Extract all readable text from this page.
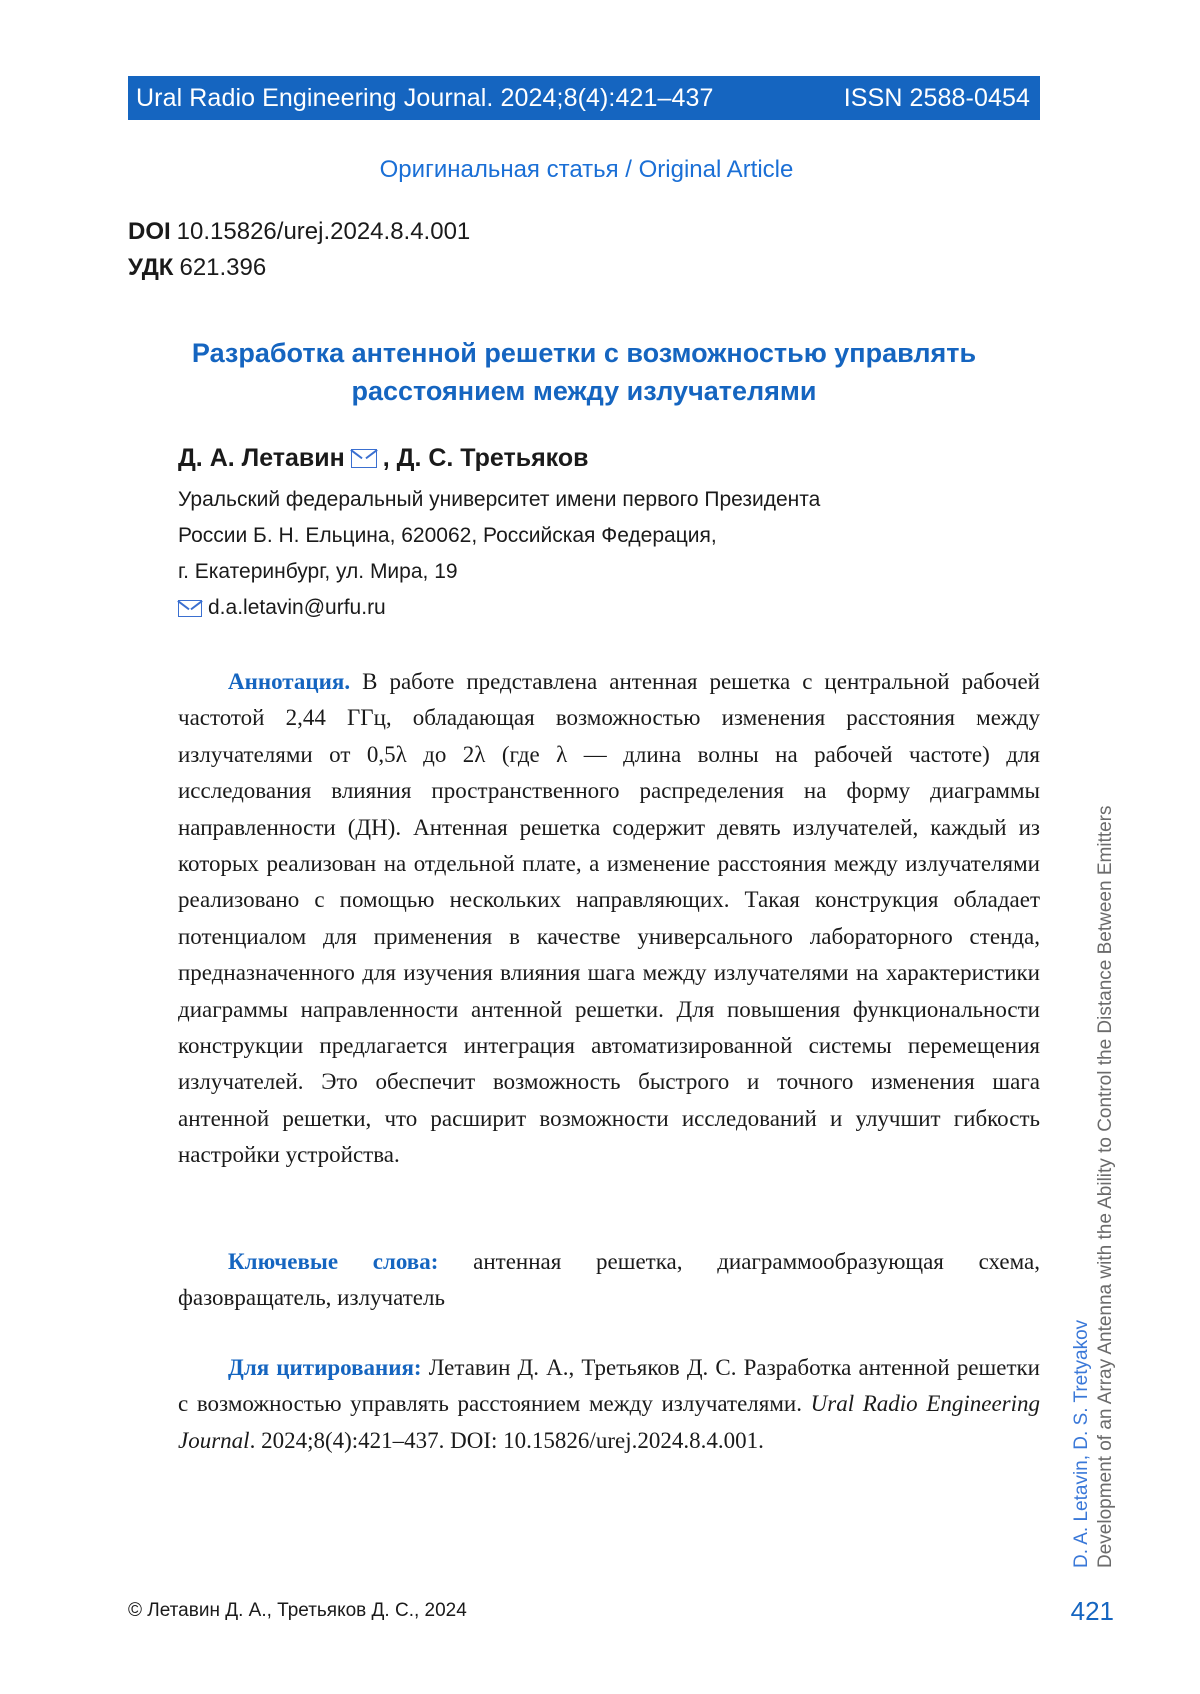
Ural Radio Engineering Journal. 2024;8(4):421–437	ISSN 2588-0454
Оригинальная статья / Original Article
DOI 10.15826/urej.2024.8.4.001
УДК 621.396
Разработка антенной решетки с возможностью управлять
расстоянием между излучателями
Д. А. Летавин , Д. С. Третьяков
Уральский федеральный университет имени первого Президента
России Б. Н. Ельцина, 620062, Российская Федерация,
г. Екатеринбург, ул. Мира, 19
d.a.letavin@urfu.ru
Аннотация. В работе представлена антенная решетка с центральной рабочей частотой 2,44 ГГц, обладающая возможностью изменения расстояния между излучателями от 0,5λ до 2λ (где λ — длина волны на рабочей частоте) для исследования влияния пространственного распределения на форму диаграммы направленности (ДН). Антенная решетка содержит девять излучателей, каждый из которых реализован на отдельной плате, а изменение расстояния между излучателями реализовано с помощью нескольких направляющих. Такая конструкция обладает потенциалом для применения в качестве универсального лабораторного стенда, предназначенного для изучения влияния шага между излучателями на характеристики диаграммы направленности антенной решетки. Для повышения функциональности конструкции предлагается интеграция автоматизированной системы перемещения излучателей. Это обеспечит возможность быстрого и точного изменения шага антенной решетки, что расширит возможности исследований и улучшит гибкость настройки устройства.
Ключевые слова: антенная решетка, диаграммообразующая схема, фазовращатель, излучатель
Для цитирования: Летавин Д. А., Третьяков Д. С. Разработка антенной решетки с возможностью управлять расстоянием между излучателями. Ural Radio Engineering Journal. 2024;8(4):421–437. DOI: 10.15826/urej.2024.8.4.001.	D. A. Letavin, D. S. Tretyakov Development of an Array Antenna with the Ability to Control the Distance Between Emitters
© Летавин Д. А., Третьяков Д. С., 2024	421
